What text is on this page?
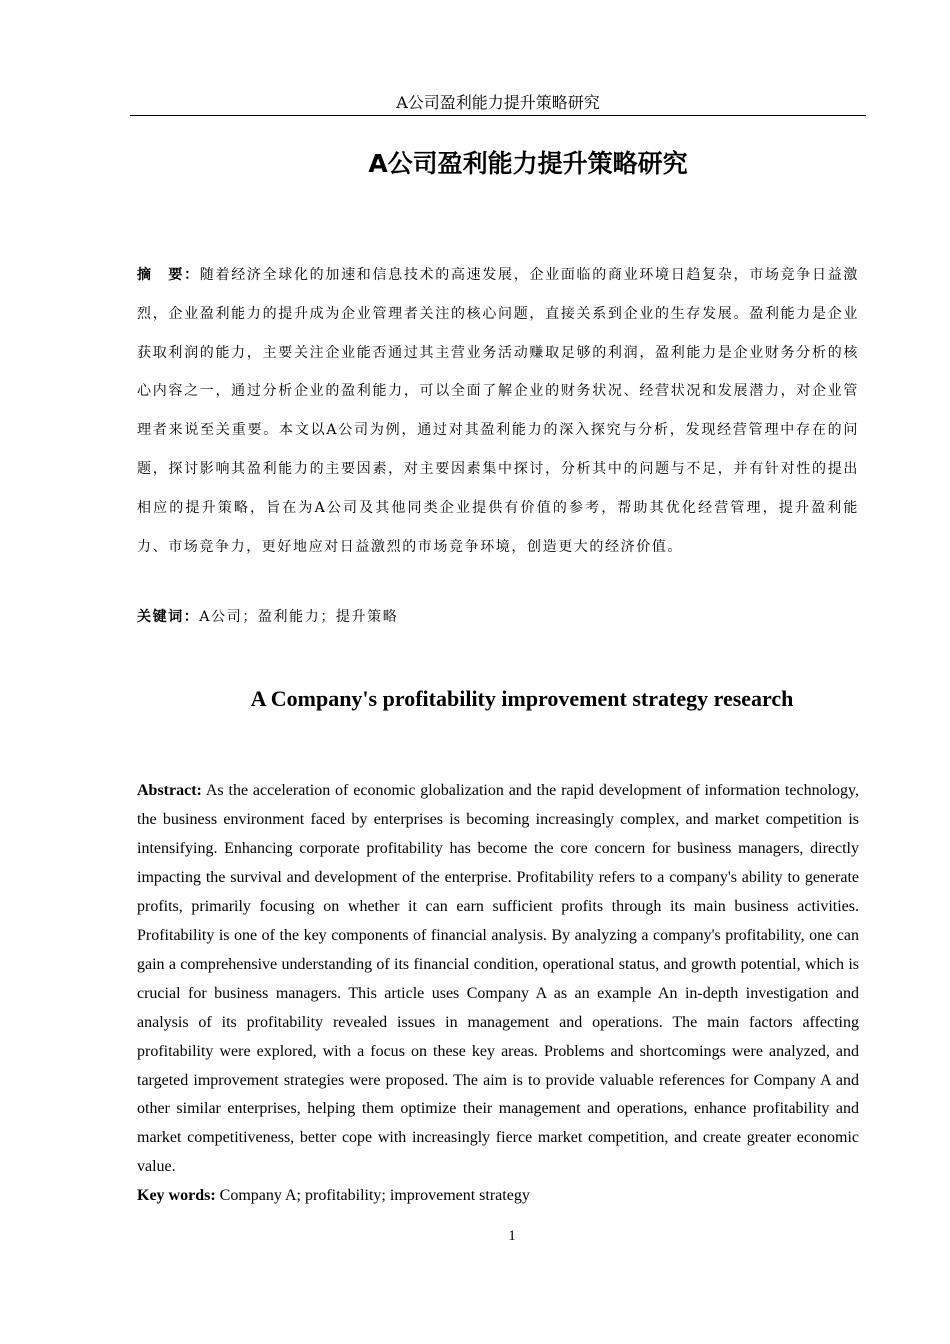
A公司盈利能力提升策略研究
A公司盈利能力提升策略研究
摘　要：随着经济全球化的加速和信息技术的高速发展，企业面临的商业环境日趋复杂，市场竞争日益激烈，企业盈利能力的提升成为企业管理者关注的核心问题，直接关系到企业的生存发展。盈利能力是企业获取利润的能力，主要关注企业能否通过其主营业务活动赚取足够的利润，盈利能力是企业财务分析的核心内容之一，通过分析企业的盈利能力，可以全面了解企业的财务状况、经营状况和发展潜力，对企业管理者来说至关重要。本文以A公司为例，通过对其盈利能力的深入探究与分析，发现经营管理中存在的问题，探讨影响其盈利能力的主要因素，对主要因素集中探讨，分析其中的问题与不足，并有针对性的提出相应的提升策略，旨在为A公司及其他同类企业提供有价值的参考，帮助其优化经营管理，提升盈利能力、市场竞争力，更好地应对日益激烈的市场竞争环境，创造更大的经济价值。
关键词：A公司；盈利能力；提升策略
A Company's profitability improvement strategy research
Abstract: As the acceleration of economic globalization and the rapid development of information technology, the business environment faced by enterprises is becoming increasingly complex, and market competition is intensifying. Enhancing corporate profitability has become the core concern for business managers, directly impacting the survival and development of the enterprise. Profitability refers to a company's ability to generate profits, primarily focusing on whether it can earn sufficient profits through its main business activities. Profitability is one of the key components of financial analysis. By analyzing a company's profitability, one can gain a comprehensive understanding of its financial condition, operational status, and growth potential, which is crucial for business managers. This article uses Company A as an example An in-depth investigation and analysis of its profitability revealed issues in management and operations. The main factors affecting profitability were explored, with a focus on these key areas. Problems and shortcomings were analyzed, and targeted improvement strategies were proposed. The aim is to provide valuable references for Company A and other similar enterprises, helping them optimize their management and operations, enhance profitability and market competitiveness, better cope with increasingly fierce market competition, and create greater economic value.
Key words: Company A; profitability; improvement strategy
1
